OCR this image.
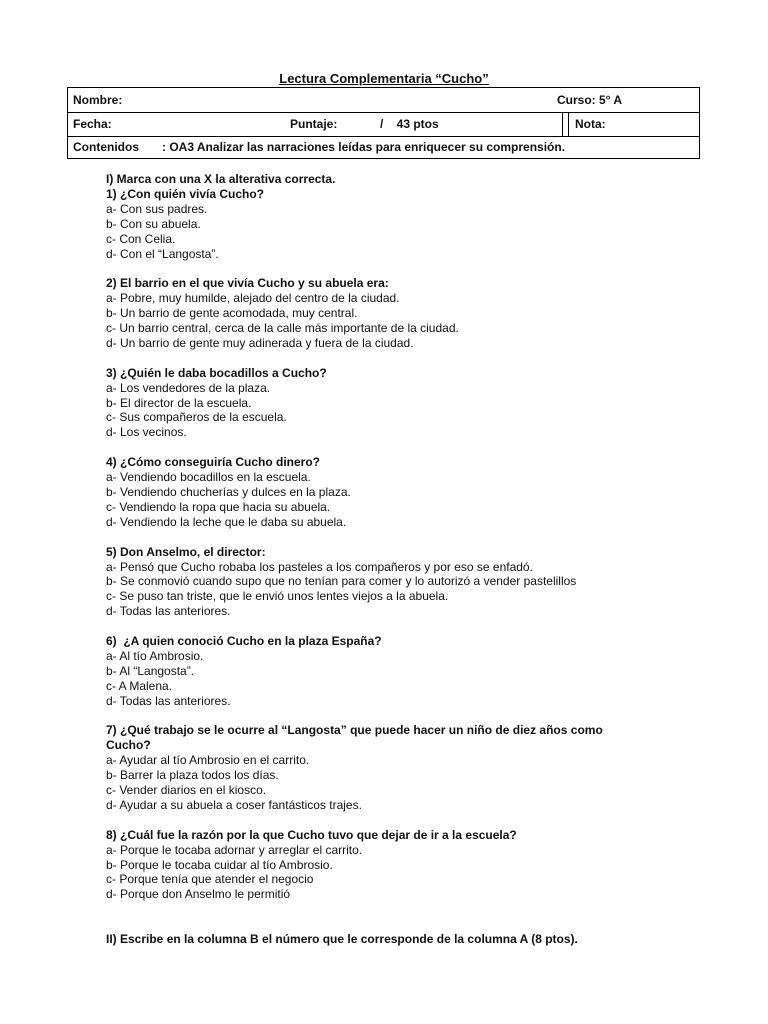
Lectura Complementaria “Cucho”
Nombre:	Curso: 5° A
Fecha:	Puntaje:	/    43 ptos	Nota:
Contenidos : OA3 Analizar las narraciones leídas para enriquecer su comprensión.
I) Marca con una X la alterativa correcta.
1) ¿Con quién vivía Cucho?
a- Con sus padres.
b- Con su abuela.
c- Con Celia.
d- Con el “Langosta”.
2) El barrio en el que vivía Cucho y su abuela era:
a- Pobre, muy humilde, alejado del centro de la ciudad.
b- Un barrio de gente acomodada, muy central.
c- Un barrio central, cerca de la calle más importante de la ciudad.
d- Un barrio de gente muy adinerada y fuera de la ciudad.
3) ¿Quién le daba bocadillos a Cucho?
a- Los vendedores de la plaza.
b- El director de la escuela.
c- Sus compañeros de la escuela.
d- Los vecinos.
4) ¿Cómo conseguiría Cucho dinero?
a- Vendiendo bocadillos en la escuela.
b- Vendiendo chucherías y dulces en la plaza.
c- Vendiendo la ropa que hacia su abuela.
d- Vendiendo la leche que le daba su abuela.
5) Don Anselmo, el director:
a- Pensó que Cucho robaba los pasteles a los compañeros y por eso se enfadó.
b- Se conmovió cuando supo que no tenían para comer y lo autorizó a vender pastelillos
c- Se puso tan triste, que le envió unos lentes viejos a la abuela.
d- Todas las anteriores.
6)  ¿A quien conoció Cucho en la plaza España?
a- Al tío Ambrosio.
b- Al “Langosta”.
c- A Malena.
d- Todas las anteriores.
7) ¿Qué trabajo se le ocurre al “Langosta” que puede hacer un niño de diez años como Cucho?
a- Ayudar al tío Ambrosio en el carrito.
b- Barrer la plaza todos los días.
c- Vender diarios en el kiosco.
d- Ayudar a su abuela a coser fantásticos trajes.
8) ¿Cuál fue la razón por la que Cucho tuvo que dejar de ir a la escuela?
a- Porque le tocaba adornar y arreglar el carrito.
b- Porque le tocaba cuidar al tío Ambrosio.
c- Porque tenía que atender el negocio
d- Porque don Anselmo le permitió
II) Escribe en la columna B el número que le corresponde de la columna A (8 ptos).
